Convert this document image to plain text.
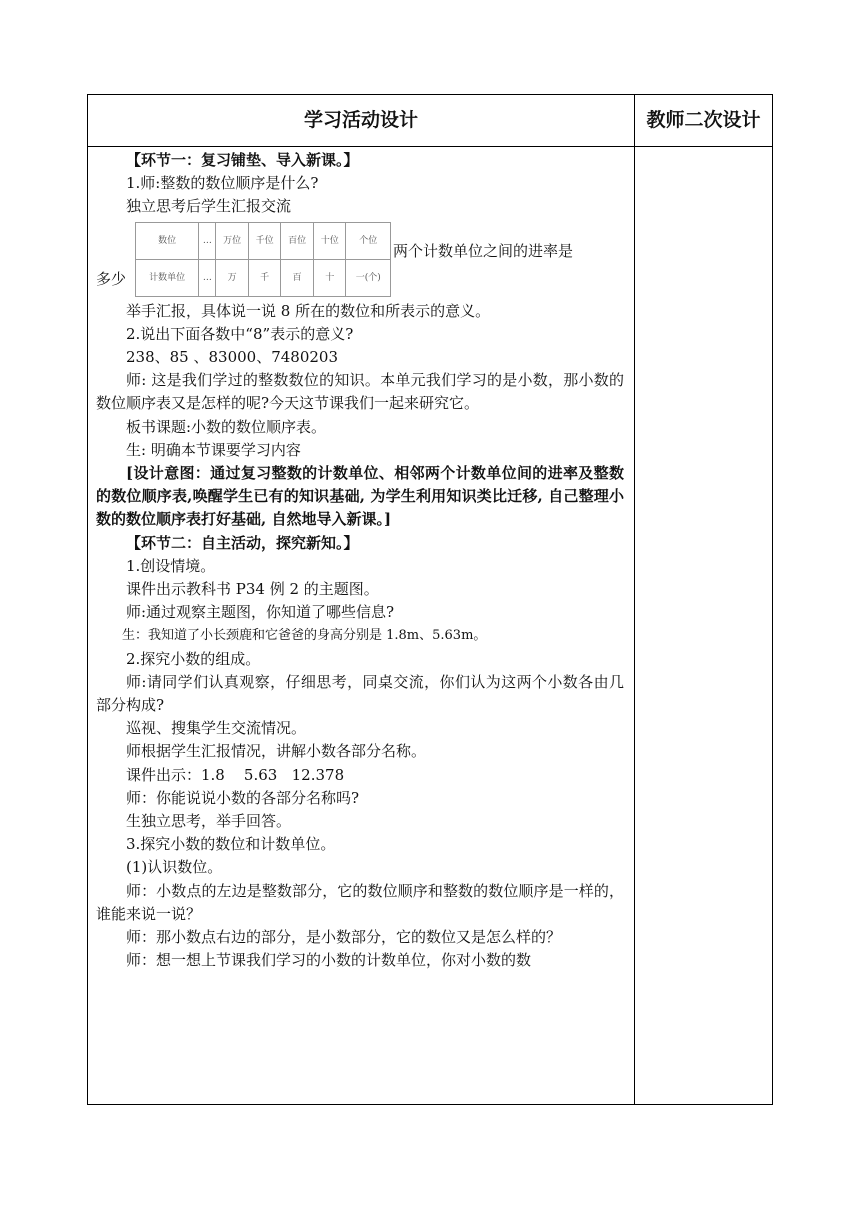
学习活动设计	教师二次设计

【环节一：复习铺垫、导入新课。】

1.师:整数的数位顺序是什么?

独立思考后学生汇报交流

多少
数位	…	万位	千位	百位	十位	个位
计数单位	…	万	千	百	十	一(个)
两个计数单位之间的进率是

举手汇报，具体说一说 8 所在的数位和所表示的意义。

2.说出下面各数中“8”表示的意义?

238、85 、83000、7480203

师: 这是我们学过的整数数位的知识。本单元我们学习的是小数，那小数的数位顺序表又是怎样的呢?今天这节课我们一起来研究它。

板书课题:小数的数位顺序表。

生: 明确本节课要学习内容

[设计意图：通过复习整数的计数单位、相邻两个计数单位间的进率及整数的数位顺序表,唤醒学生已有的知识基础, 为学生利用知识类比迁移, 自己整理小数的数位顺序表打好基础, 自然地导入新课。]

【环节二：自主活动，探究新知。】

1.创设情境。

课件出示教科书 P34 例 2 的主题图。

师:通过观察主题图，你知道了哪些信息?

生：我知道了小长颈鹿和它爸爸的身高分别是 1.8m、5.63m。

2.探究小数的组成。

师:请同学们认真观察，仔细思考，同桌交流，你们认为这两个小数各由几部分构成?

巡视、搜集学生交流情况。

师根据学生汇报情况，讲解小数各部分名称。

课件出示：1.8    5.63   12.378

师：你能说说小数的各部分名称吗?

生独立思考，举手回答。

3.探究小数的数位和计数单位。

(1)认识数位。

师：小数点的左边是整数部分，它的数位顺序和整数的数位顺序是一样的，谁能来说一说？

师：那小数点右边的部分，是小数部分，它的数位又是怎么样的？

师：想一想上节课我们学习的小数的计数单位，你对小数的数
